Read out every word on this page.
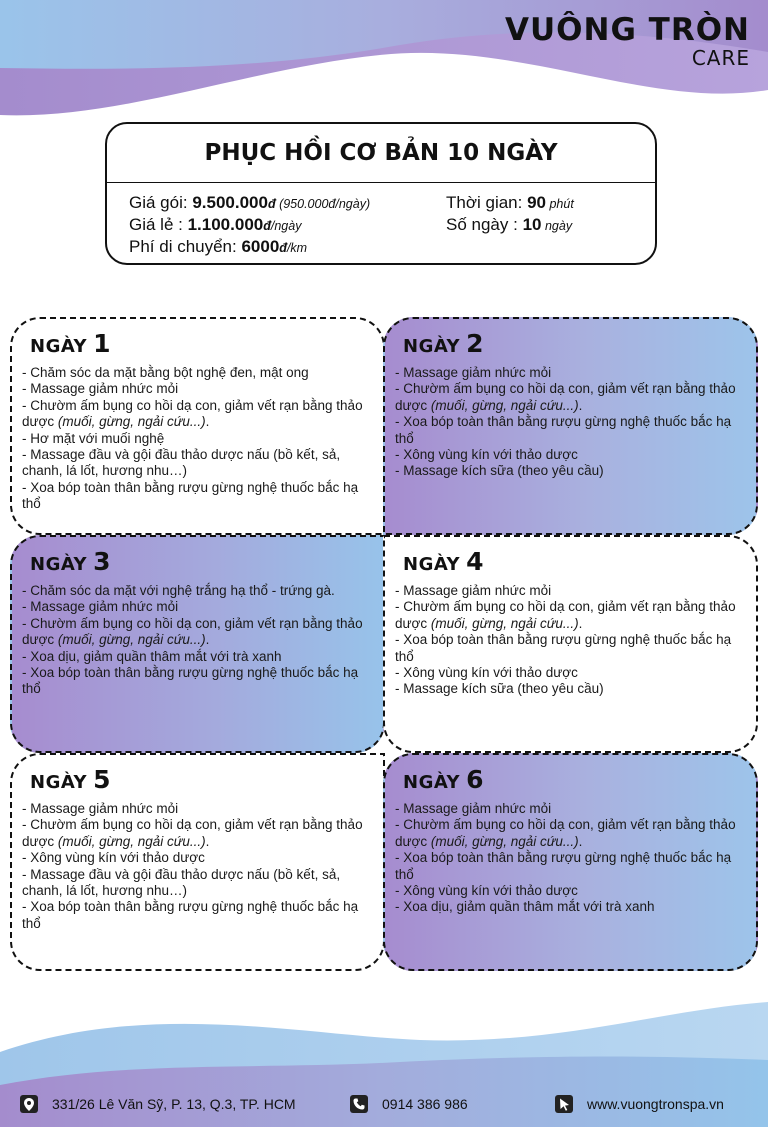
VUÔNG TRÒN
CARE
PHỤC HỒI CƠ BẢN 10 NGÀY
Giá gói: 9.500.000đ (950.000đ/ngày)
Giá lẻ : 1.100.000đ/ngày
Phí di chuyển: 6000đ/km
Thời gian: 90 phút
Số ngày : 10 ngày
NGÀY 1
- Chăm sóc da mặt bằng bột nghệ đen, mật ong
- Massage giảm nhức mỏi
- Chườm ấm bụng co hồi dạ con, giảm vết rạn bằng thảo dược (muối, gừng, ngải cứu...).
- Hơ mặt với muối nghệ
- Massage đầu và gội đầu thảo dược nấu (bồ kết, sả, chanh, lá lốt, hương nhu…)
- Xoa bóp toàn thân bằng rượu gừng nghệ thuốc bắc hạ thổ
NGÀY 2
- Massage giảm nhức mỏi
- Chườm ấm bụng co hồi dạ con, giảm vết rạn bằng thảo dược (muối, gừng, ngải cứu...).
- Xoa bóp toàn thân bằng rượu gừng nghệ thuốc bắc hạ thổ
- Xông vùng kín với thảo dược
- Massage kích sữa (theo yêu cầu)
NGÀY 3
- Chăm sóc da mặt với nghệ trắng hạ thổ - trứng gà.
- Massage giảm nhức mỏi
- Chườm ấm bụng co hồi dạ con, giảm vết rạn bằng thảo dược (muối, gừng, ngải cứu...).
- Xoa dịu, giảm quần thâm mắt với trà xanh
- Xoa bóp toàn thân bằng rượu gừng nghệ thuốc bắc hạ thổ
NGÀY 4
- Massage giảm nhức mỏi
- Chườm ấm bụng co hồi dạ con, giảm vết rạn bằng thảo dược (muối, gừng, ngải cứu...).
- Xoa bóp toàn thân bằng rượu gừng nghệ thuốc bắc hạ thổ
- Xông vùng kín với thảo dược
- Massage kích sữa (theo yêu cầu)
NGÀY 5
- Massage giảm nhức mỏi
- Chườm ấm bụng co hồi dạ con, giảm vết rạn bằng thảo dược (muối, gừng, ngải cứu...).
- Xông vùng kín với thảo dược
- Massage đầu và gội đầu thảo dược nấu (bồ kết, sả, chanh, lá lốt, hương nhu…)
- Xoa bóp toàn thân bằng rượu gừng nghệ thuốc bắc hạ thổ
NGÀY 6
- Massage giảm nhức mỏi
- Chườm ấm bụng co hồi dạ con, giảm vết rạn bằng thảo dược (muối, gừng, ngải cứu...).
- Xoa bóp toàn thân bằng rượu gừng nghệ thuốc bắc hạ thổ
- Xông vùng kín với thảo dược
- Xoa dịu, giảm quần thâm mắt với trà xanh
331/26 Lê Văn Sỹ, P. 13, Q.3, TP. HCM	0914 386 986	www.vuongtronspa.vn
